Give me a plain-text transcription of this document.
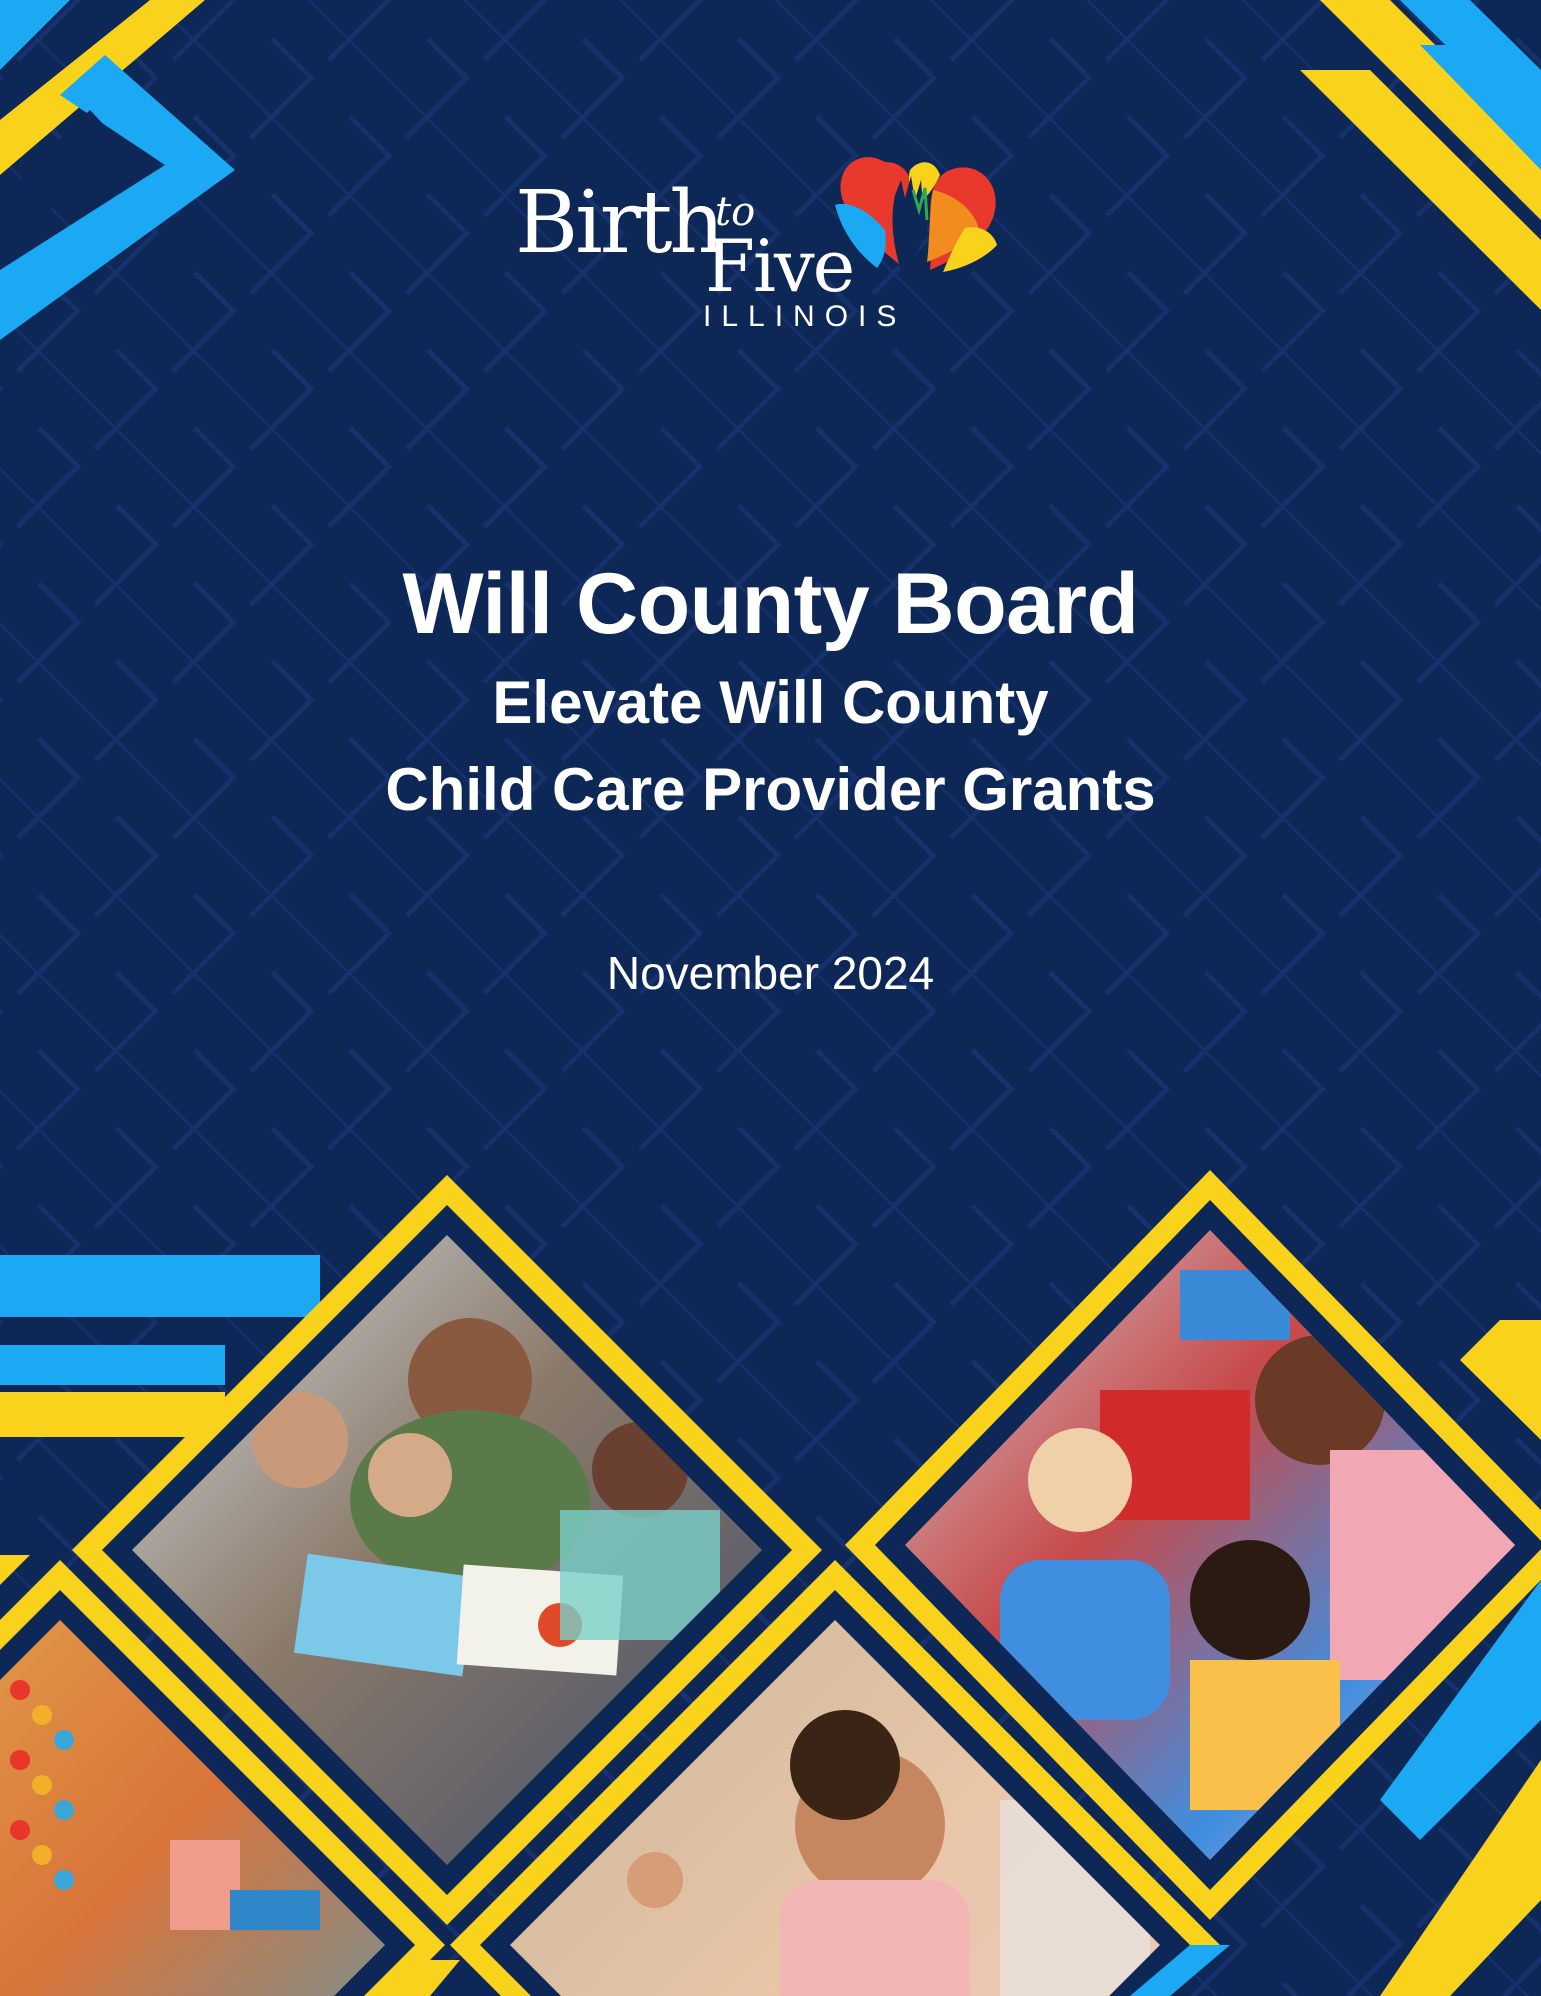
Birth
to
Five
ILLINOIS
Will County Board
Elevate Will County
Child Care Provider Grants
November 2024
